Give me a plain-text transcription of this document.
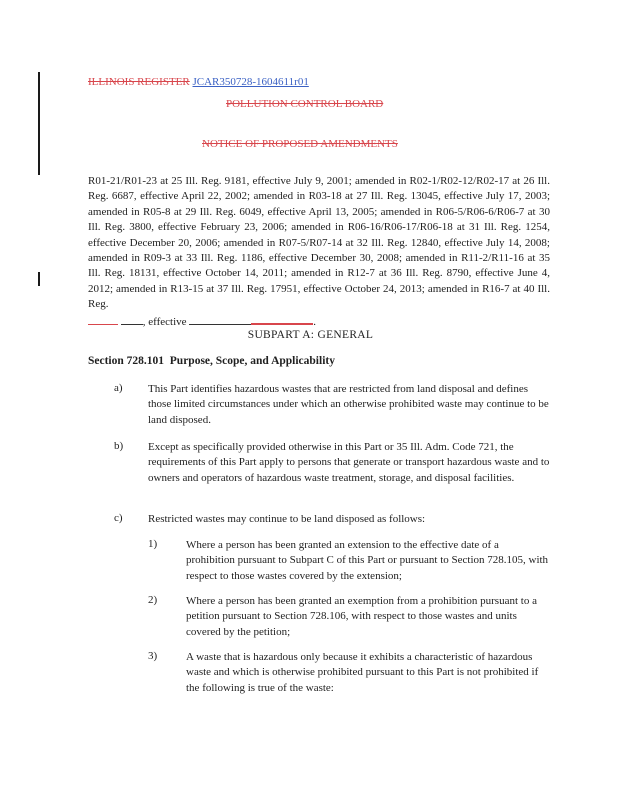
ILLINOIS REGISTER JCAR350728-1604611r01
POLLUTION CONTROL BOARD
NOTICE OF PROPOSED AMENDMENTS
R01-21/R01-23 at 25 Ill. Reg. 9181, effective July 9, 2001; amended in R02-1/R02-12/R02-17 at 26 Ill. Reg. 6687, effective April 22, 2002; amended in R03-18 at 27 Ill. Reg. 13045, effective July 17, 2003; amended in R05-8 at 29 Ill. Reg. 6049, effective April 13, 2005; amended in R06-5/R06-6/R06-7 at 30 Ill. Reg. 3800, effective February 23, 2006; amended in R06-16/R06-17/R06-18 at 31 Ill. Reg. 1254, effective December 20, 2006; amended in R07-5/R07-14 at 32 Ill. Reg. 12840, effective July 14, 2008; amended in R09-3 at 33 Ill. Reg. 1186, effective December 30, 2008; amended in R11-2/R11-16 at 35 Ill. Reg. 18131, effective October 14, 2011; amended in R12-7 at 36 Ill. Reg. 8790, effective June 4, 2012; amended in R13-15 at 37 Ill. Reg. 17951, effective October 24, 2013; amended in R16-7 at 40 Ill. Reg.
, effective	.
SUBPART A: GENERAL
Section 728.101 Purpose, Scope, and Applicability
a) This Part identifies hazardous wastes that are restricted from land disposal and defines those limited circumstances under which an otherwise prohibited waste may continue to be land disposed.
b) Except as specifically provided otherwise in this Part or 35 Ill. Adm. Code 721, the requirements of this Part apply to persons that generate or transport hazardous waste and to owners and operators of hazardous waste treatment, storage, and disposal facilities.
c) Restricted wastes may continue to be land disposed as follows:
1)	Where a person has been granted an extension to the effective date of a prohibition pursuant to Subpart C of this Part or pursuant to Section 728.105, with respect to those wastes covered by the extension;
2)	Where a person has been granted an exemption from a prohibition pursuant to a petition pursuant to Section 728.106, with respect to those wastes and units covered by the petition;
3)	A waste that is hazardous only because it exhibits a characteristic of hazardous waste and which is otherwise prohibited pursuant to this Part is not prohibited if the following is true of the waste:
